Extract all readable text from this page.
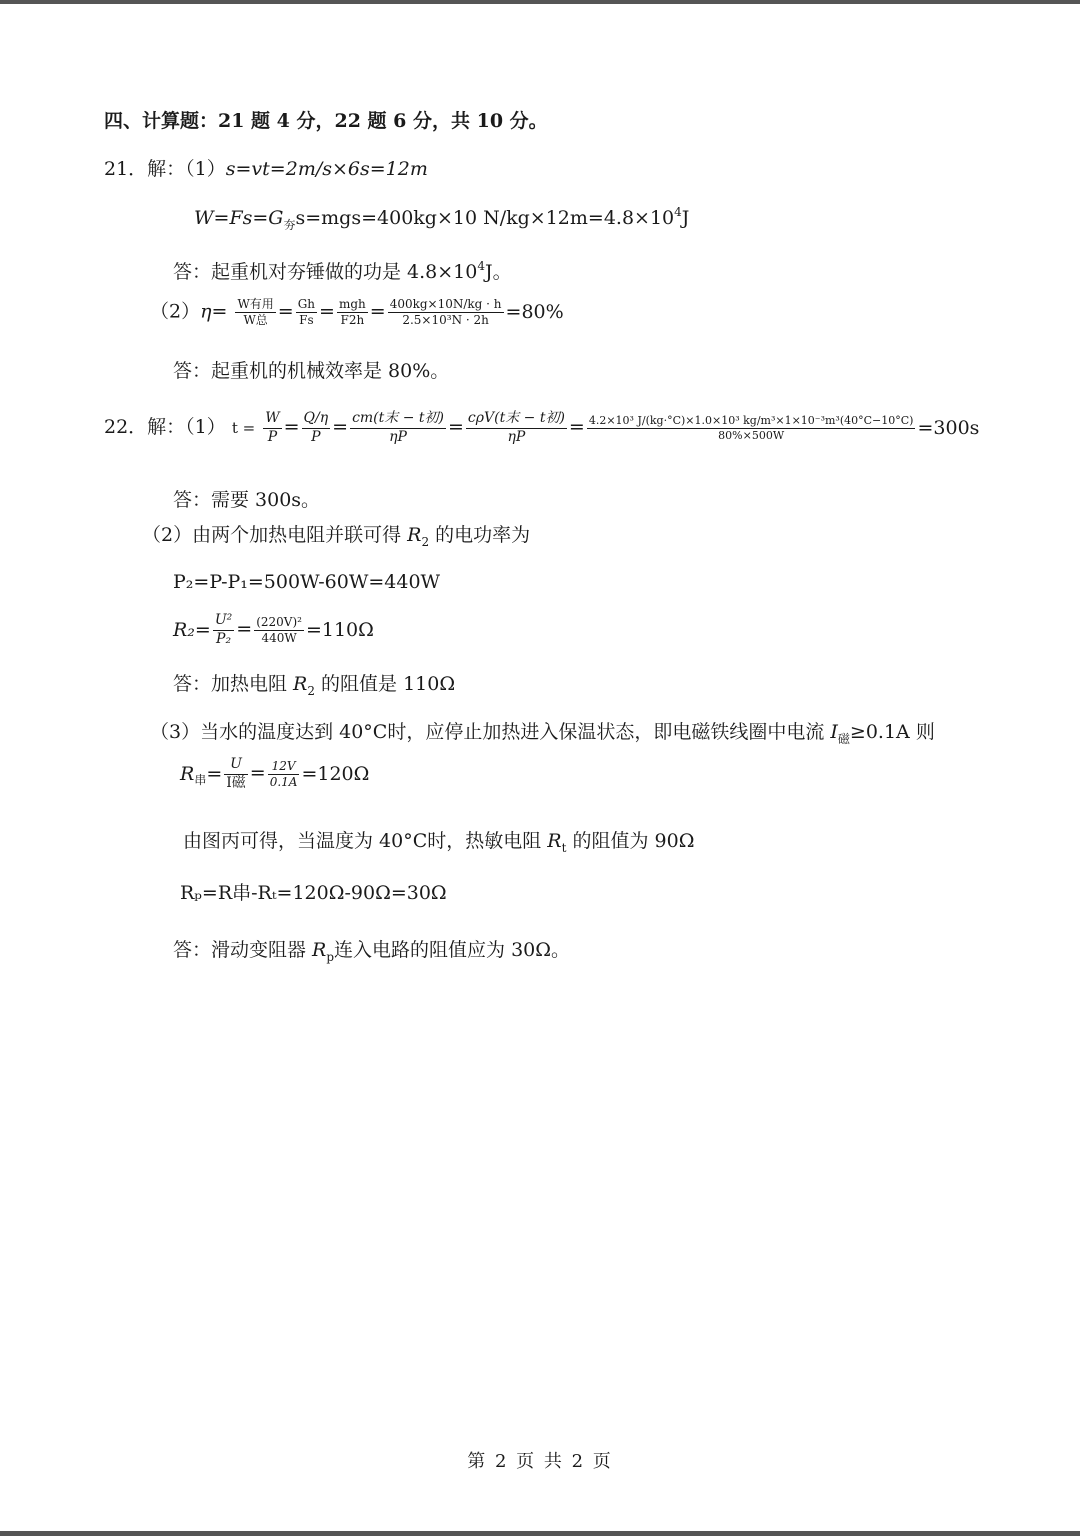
四、计算题：21 题 4 分，22 题 6 分，共 10 分。
21．解：（1）s=vt=2m/s×6s=12m
$W=Fs=G_夯s=mgs=400kg\times 10$ $N/kg\times 12m=4.8\times 10^4J$
答：起重机对夯锤做的功是 $4.8\times 10^4J$。
$(2)\eta= \frac{\text{W有用}}{\text{W总}} = \frac{Gh}{Fs} = \frac{\text{mgh}}{F2h} = \frac{400kg\times 10N/kg \cdot h}{\text{2.5×10³N · 2h}} =80\%$
答：起重机的机械效率是 80%。
22．解：（1） $t = \frac{W}{P} = \frac{Q/\eta}{P} = \frac{\text{cm(t末 − t初)}}{\eta P} = \frac{\text{cρV(t末 − t初)}}{\eta P} = \frac{\text{4.2×10³ J/(kg·°C)×1.0×10³ kg/m³×1×10⁻³m³(40°C−10°C)}}{80\%\times 500W} =300s$
答：需要 300s。
（2）由两个加热电阻并联可得 $R_2$ 的电功率为
P₂=P-P₁=500W-60W=440W
$R_2= \frac{\text{U²}}{\text{P₂}} = \frac{\text{(220V)²}}{440W} =110\Omega$
答：加热电阻 $R_2$ 的阻值是 110Ω
（3）当水的温度达到 40°C时，应停止加热进入保温状态，即电磁铁线圈中电流 $I_磁\ge 0.1A$ 则
$R_串= \frac{U}{\text{I磁}} = \frac{12V}{0.1A} =120\Omega$
由图丙可得，当温度为 40°C时，热敏电阻 $R_t$ 的阻值为 90Ω
Rₚ=R串-Rₜ=120Ω-90Ω=30Ω
答：滑动变阻器 $R_p$连入电路的阻值应为 30Ω。
第 2 页 共 2 页
